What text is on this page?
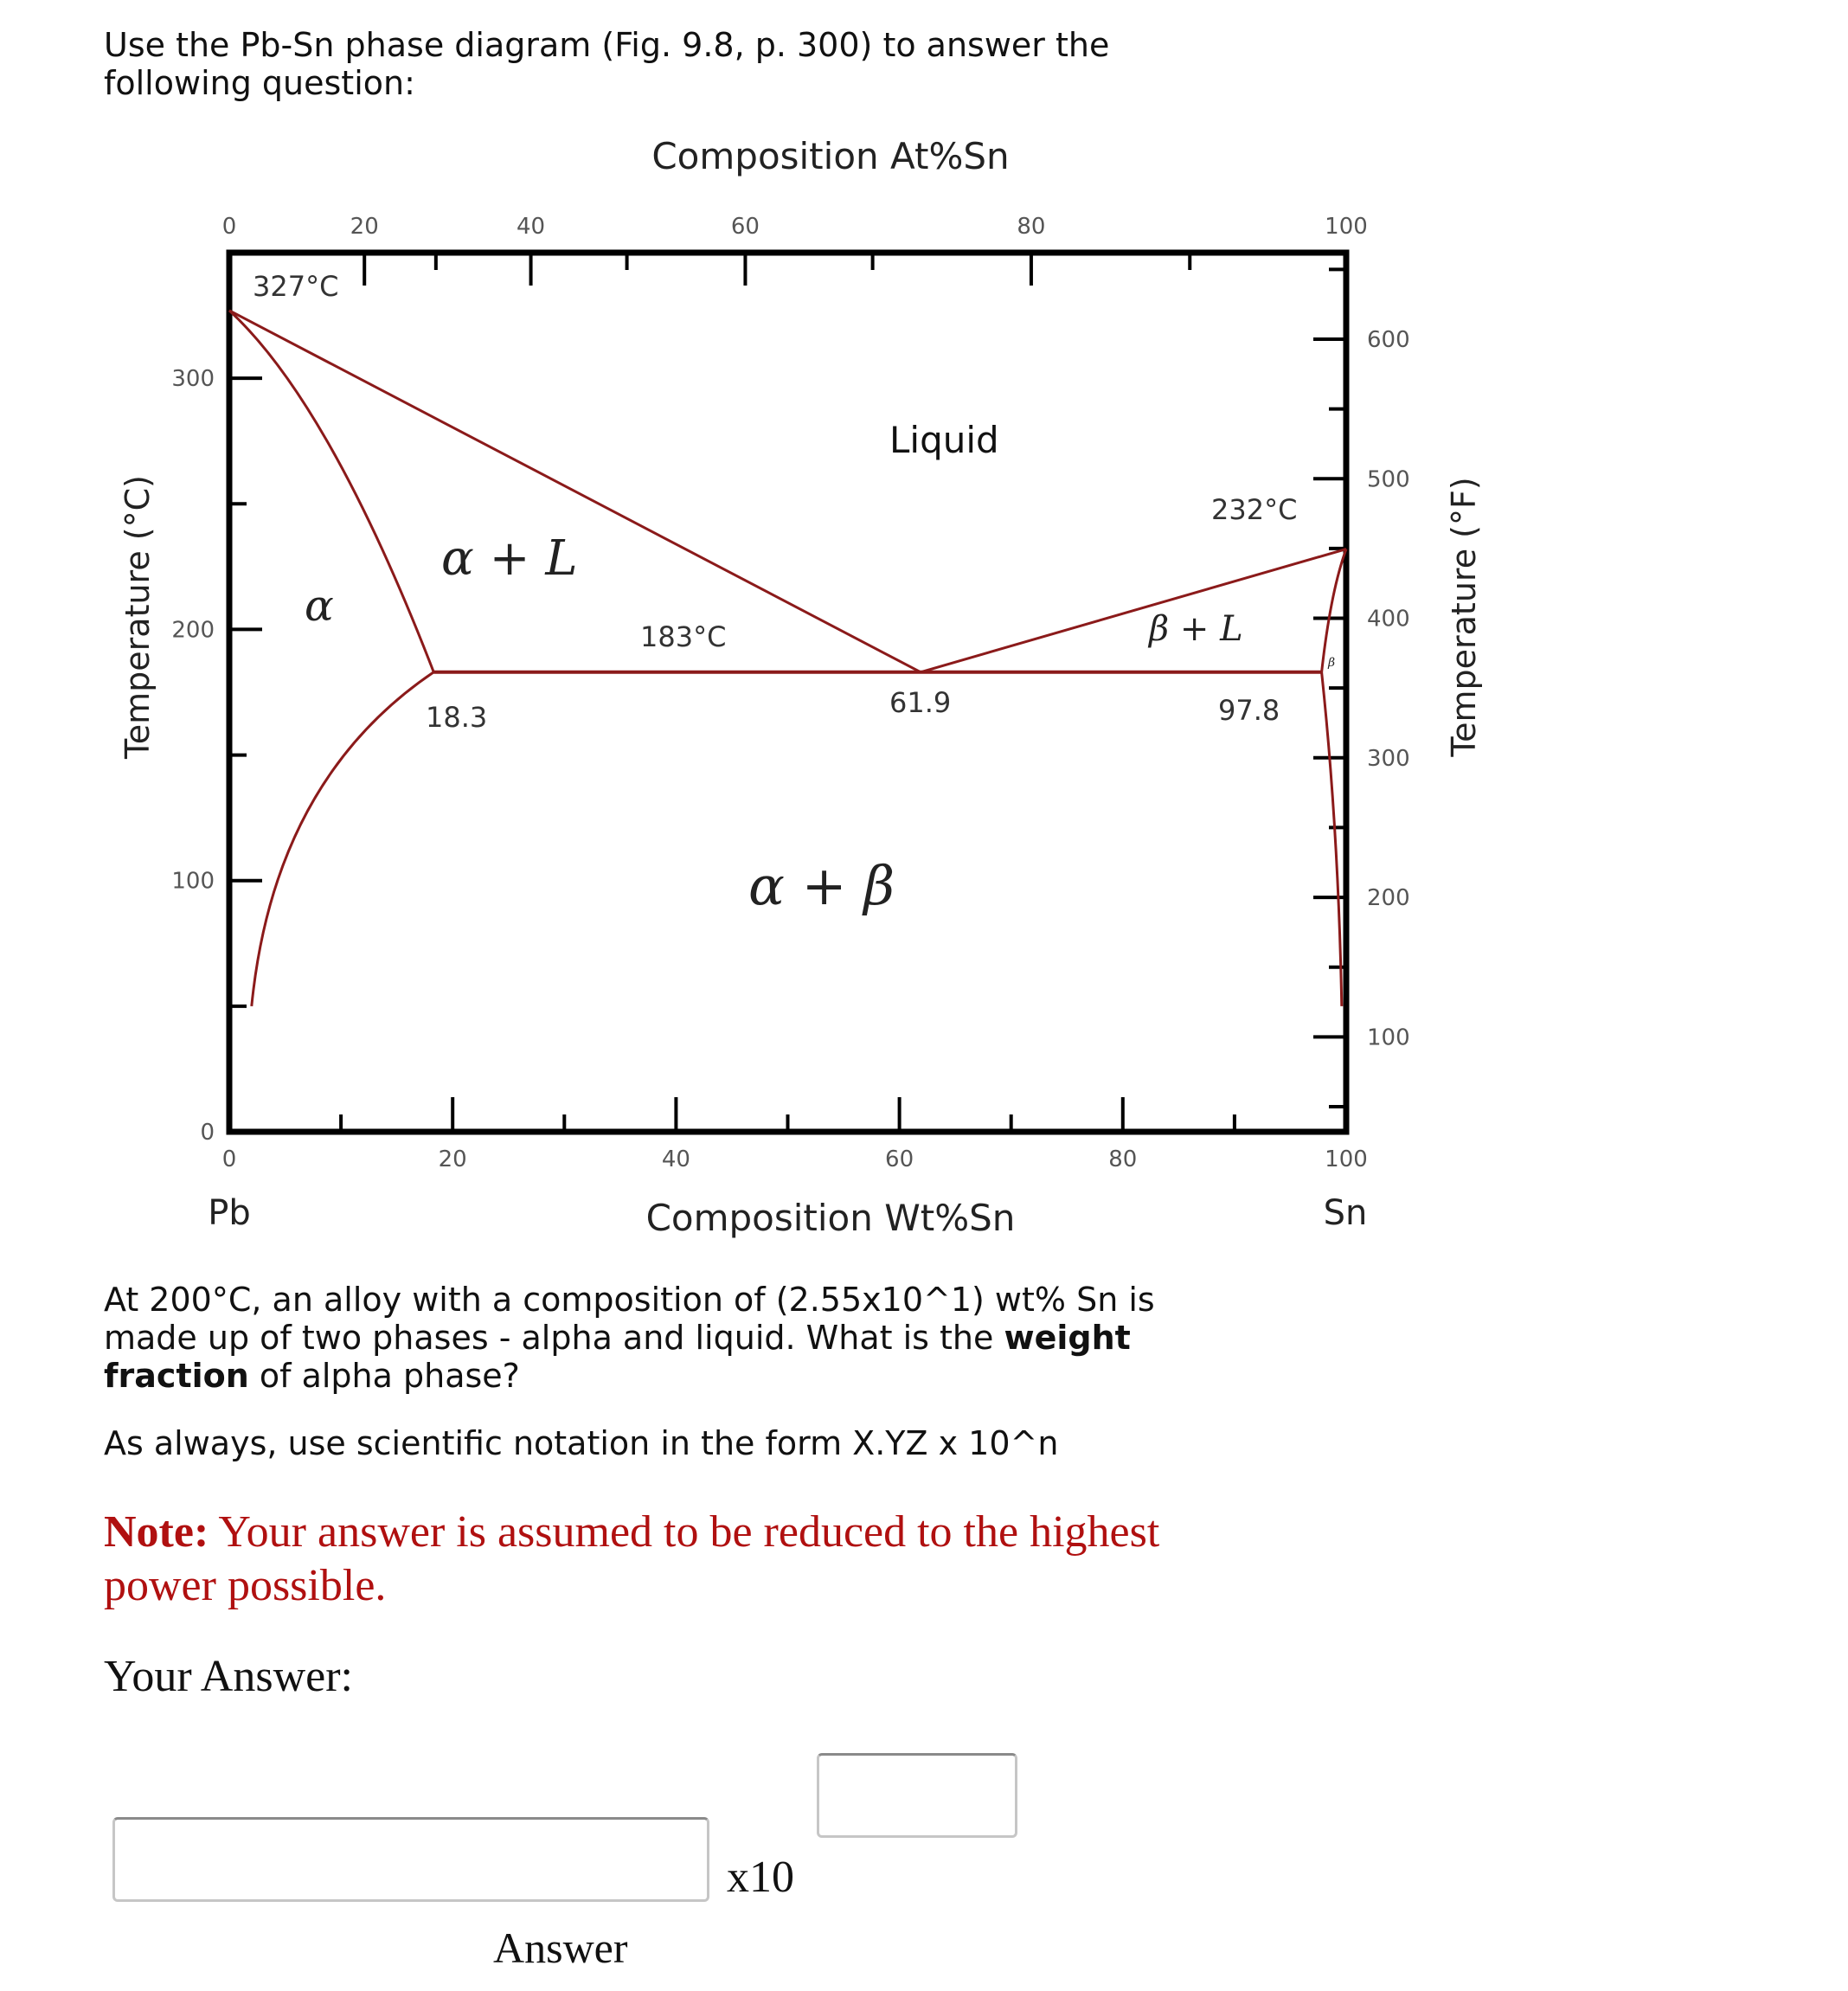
Use the Pb-Sn phase diagram (Fig. 9.8, p. 300) to answer the following question:
Composition At%Sn
Composition Wt%Sn
Temperature (°C)	Temperature (°F)
Pb	Sn
0	20	40	60	80	100
0	20	40	60	80	100
0
100
200
300
100
200
300
400
500
600
327°C
232°C
183°C
Liquid
α
α + L
β + L
α + β
β
18.3	61.9	97.8
At 200°C, an alloy with a composition of (2.55x10^1) wt% Sn is made up of two phases - alpha and liquid. What is the weight fraction of alpha phase?
As always, use scientific notation in the form X.YZ x 10^n
Note: Your answer is assumed to be reduced to the highest power possible.
Your Answer:
x10
Answer
